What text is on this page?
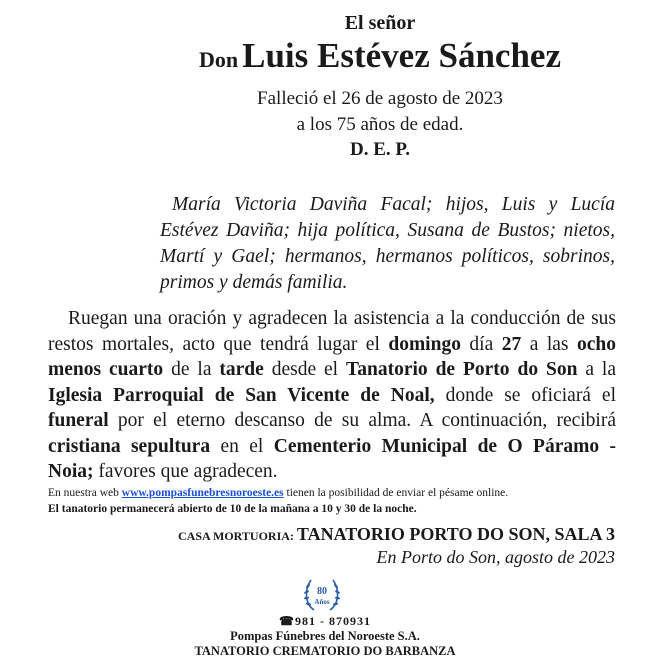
El señor
Don Luis Estévez Sánchez
Falleció el 26 de agosto de 2023
a los 75 años de edad.
D. E. P.
María Victoria Daviña Facal; hijos, Luis y Lucía Estévez Daviña; hija política, Susana de Bustos; nietos, Martí y Gael; hermanos, hermanos políticos, sobrinos, primos y demás familia.
Ruegan una oración y agradecen la asistencia a la conducción de sus restos mortales, acto que tendrá lugar el domingo día 27 a las ocho menos cuarto de la tarde desde el Tanatorio de Porto do Son a la Iglesia Parroquial de San Vicente de Noal, donde se oficiará el funeral por el eterno descanso de su alma. A continuación, recibirá cristiana sepultura en el Cementerio Municipal de O Páramo - Noia; favores que agradecen.
En nuestra web www.pompasfunebresnoroeste.es tienen la posibilidad de enviar el pésame online.
El tanatorio permanecerá abierto de 10 de la mañana a 10 y 30 de la noche.
CASA MORTUORIA: TANATORIO PORTO DO SON, SALA 3
En Porto do Son, agosto de 2023
80
Años
☎981 - 870931
Pompas Fúnebres del Noroeste S.A.
TANATORIO CREMATORIO DO BARBANZA
